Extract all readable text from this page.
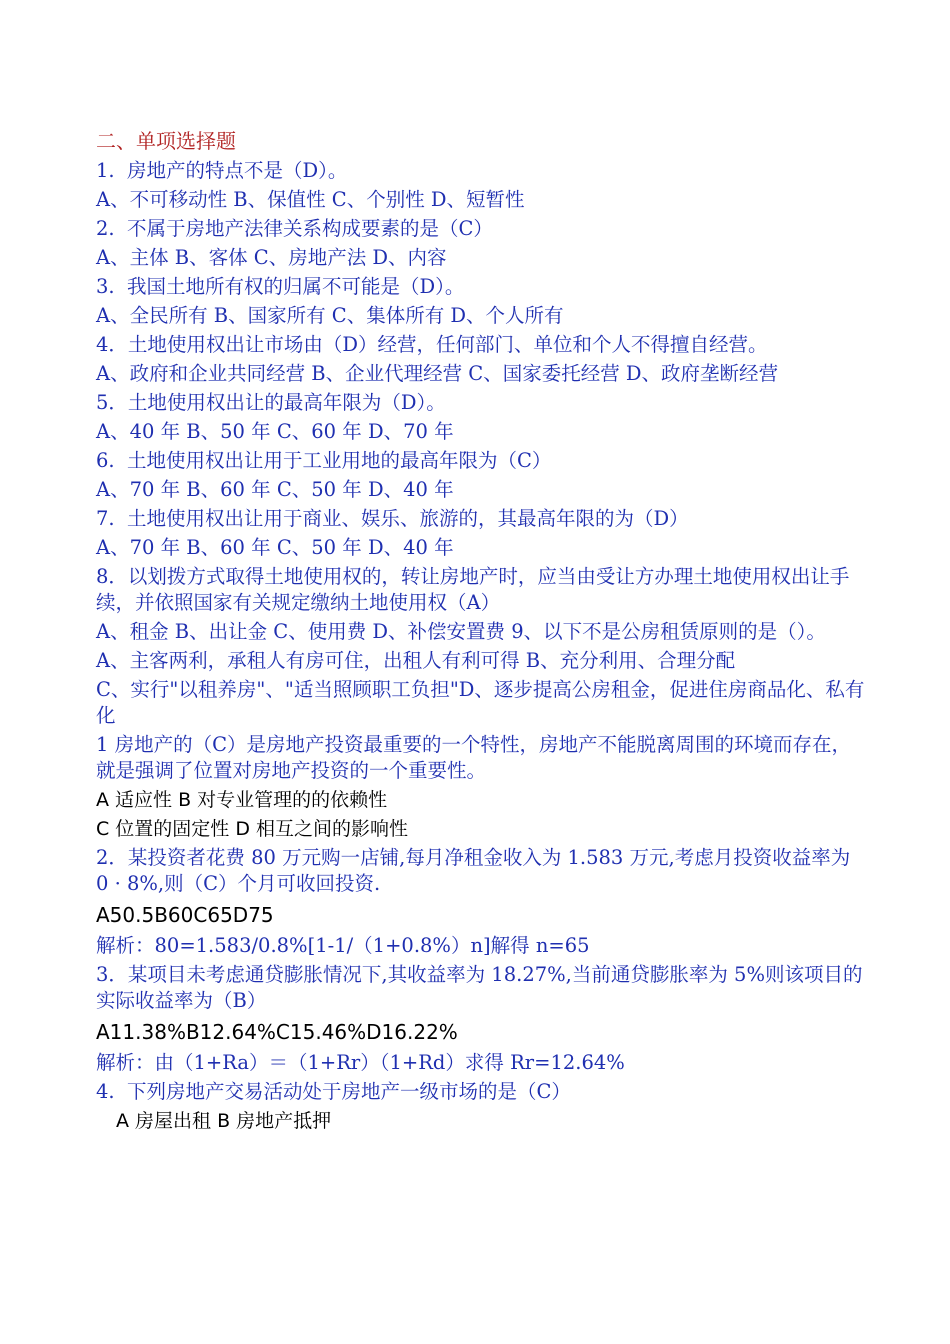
二、单项选择题
1.  房地产的特点不是（D）。
A、不可移动性 B、保值性 C、个别性 D、短暂性
2.  不属于房地产法律关系构成要素的是（C）
A、主体 B、客体 C、房地产法 D、内容
3.  我国土地所有权的归属不可能是（D）。
A、全民所有 B、国家所有 C、集体所有 D、个人所有
4．土地使用权出让市场由（D）经营，任何部门、单位和个人不得擅自经营。
A、政府和企业共同经营 B、企业代理经营 C、国家委托经营 D、政府垄断经营
5．土地使用权出让的最高年限为（D）。
A、40 年 B、50 年 C、60 年 D、70 年
6.  土地使用权出让用于工业用地的最高年限为（C）
A、70 年 B、60 年 C、50 年 D、40 年
7.  土地使用权出让用于商业、娱乐、旅游的，其最高年限的为（D）
A、70 年 B、60 年 C、50 年 D、40 年
8．以划拨方式取得土地使用权的，转让房地产时，应当由受让方办理土地使用权出让手续，并依照国家有关规定缴纳土地使用权（A）
A、租金 B、出让金 C、使用费 D、补偿安置费 9、以下不是公房租赁原则的是（）。
A、主客两利，承租人有房可住，出租人有利可得 B、充分利用、合理分配
C、实行"以租养房"、"适当照顾职工负担"D、逐步提高公房租金，促进住房商品化、私有化
1 房地产的（C）是房地产投资最重要的一个特性，房地产不能脱离周围的环境而存在，就是强调了位置对房地产投资的一个重要性。
A 适应性 B 对专业管理的的依赖性
C 位置的固定性 D 相互之间的影响性
2．某投资者花费 80 万元购一店铺,每月净租金收入为 1.583 万元,考虑月投资收益率为 0 · 8%,则（C）个月可收回投资.
A50.5B60C65D75
解析：80=1.583/0.8%[1-1/（1+0.8%）n]解得 n=65
3．某项目未考虑通贷膨胀情况下,其收益率为 18.27%,当前通贷膨胀率为 5%则该项目的实际收益率为（B）
A11.38%B12.64%C15.46%D16.22%
解析：由（1+Ra）＝（1+Rr）（1+Rd）求得 Rr=12.64%
4.  下列房地产交易活动处于房地产一级市场的是（C）
A 房屋出租 B 房地产抵押
